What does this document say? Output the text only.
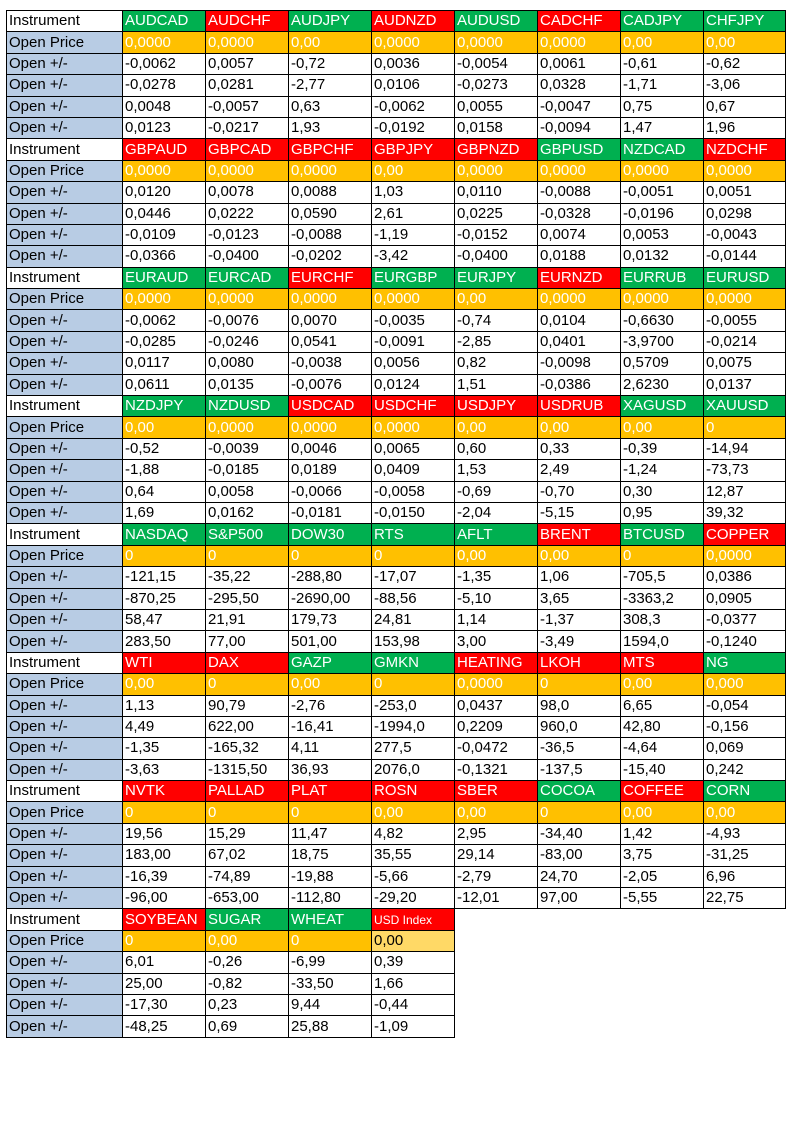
Instrument	AUDCAD	AUDCHF	AUDJPY	AUDNZD	AUDUSD	CADCHF	CADJPY	CHFJPY
Open Price	0,0000	0,0000	0,00	0,0000	0,0000	0,0000	0,00	0,00
Open +/-	-0,0062	0,0057	-0,72	0,0036	-0,0054	0,0061	-0,61	-0,62
Open +/-	-0,0278	0,0281	-2,77	0,0106	-0,0273	0,0328	-1,71	-3,06
Open +/-	0,0048	-0,0057	0,63	-0,0062	0,0055	-0,0047	0,75	0,67
Open +/-	0,0123	-0,0217	1,93	-0,0192	0,0158	-0,0094	1,47	1,96
Instrument	GBPAUD	GBPCAD	GBPCHF	GBPJPY	GBPNZD	GBPUSD	NZDCAD	NZDCHF
Open Price	0,0000	0,0000	0,0000	0,00	0,0000	0,0000	0,0000	0,0000
Open +/-	0,0120	0,0078	0,0088	1,03	0,0110	-0,0088	-0,0051	0,0051
Open +/-	0,0446	0,0222	0,0590	2,61	0,0225	-0,0328	-0,0196	0,0298
Open +/-	-0,0109	-0,0123	-0,0088	-1,19	-0,0152	0,0074	0,0053	-0,0043
Open +/-	-0,0366	-0,0400	-0,0202	-3,42	-0,0400	0,0188	0,0132	-0,0144
Instrument	EURAUD	EURCAD	EURCHF	EURGBP	EURJPY	EURNZD	EURRUB	EURUSD
Open Price	0,0000	0,0000	0,0000	0,0000	0,00	0,0000	0,0000	0,0000
Open +/-	-0,0062	-0,0076	0,0070	-0,0035	-0,74	0,0104	-0,6630	-0,0055
Open +/-	-0,0285	-0,0246	0,0541	-0,0091	-2,85	0,0401	-3,9700	-0,0214
Open +/-	0,0117	0,0080	-0,0038	0,0056	0,82	-0,0098	0,5709	0,0075
Open +/-	0,0611	0,0135	-0,0076	0,0124	1,51	-0,0386	2,6230	0,0137
Instrument	NZDJPY	NZDUSD	USDCAD	USDCHF	USDJPY	USDRUB	XAGUSD	XAUUSD
Open Price	0,00	0,0000	0,0000	0,0000	0,00	0,00	0,00	0
Open +/-	-0,52	-0,0039	0,0046	0,0065	0,60	0,33	-0,39	-14,94
Open +/-	-1,88	-0,0185	0,0189	0,0409	1,53	2,49	-1,24	-73,73
Open +/-	0,64	0,0058	-0,0066	-0,0058	-0,69	-0,70	0,30	12,87
Open +/-	1,69	0,0162	-0,0181	-0,0150	-2,04	-5,15	0,95	39,32
Instrument	NASDAQ	S&P500	DOW30	RTS	AFLT	BRENT	BTCUSD	COPPER
Open Price	0	0	0	0	0,00	0,00	0	0,0000
Open +/-	-121,15	-35,22	-288,80	-17,07	-1,35	1,06	-705,5	0,0386
Open +/-	-870,25	-295,50	-2690,00	-88,56	-5,10	3,65	-3363,2	0,0905
Open +/-	58,47	21,91	179,73	24,81	1,14	-1,37	308,3	-0,0377
Open +/-	283,50	77,00	501,00	153,98	3,00	-3,49	1594,0	-0,1240
Instrument	WTI	DAX	GAZP	GMKN	HEATING	LKOH	MTS	NG
Open Price	0,00	0	0,00	0	0,0000	0	0,00	0,000
Open +/-	1,13	90,79	-2,76	-253,0	0,0437	98,0	6,65	-0,054
Open +/-	4,49	622,00	-16,41	-1994,0	0,2209	960,0	42,80	-0,156
Open +/-	-1,35	-165,32	4,11	277,5	-0,0472	-36,5	-4,64	0,069
Open +/-	-3,63	-1315,50	36,93	2076,0	-0,1321	-137,5	-15,40	0,242
Instrument	NVTK	PALLAD	PLAT	ROSN	SBER	COCOA	COFFEE	CORN
Open Price	0	0	0	0,00	0,00	0	0,00	0,00
Open +/-	19,56	15,29	11,47	4,82	2,95	-34,40	1,42	-4,93
Open +/-	183,00	67,02	18,75	35,55	29,14	-83,00	3,75	-31,25
Open +/-	-16,39	-74,89	-19,88	-5,66	-2,79	24,70	-2,05	6,96
Open +/-	-96,00	-653,00	-112,80	-29,20	-12,01	97,00	-5,55	22,75
Instrument	SOYBEAN	SUGAR	WHEAT	USD Index				
Open Price	0	0,00	0	0,00				
Open +/-	6,01	-0,26	-6,99	0,39				
Open +/-	25,00	-0,82	-33,50	1,66				
Open +/-	-17,30	0,23	9,44	-0,44				
Open +/-	-48,25	0,69	25,88	-1,09				
